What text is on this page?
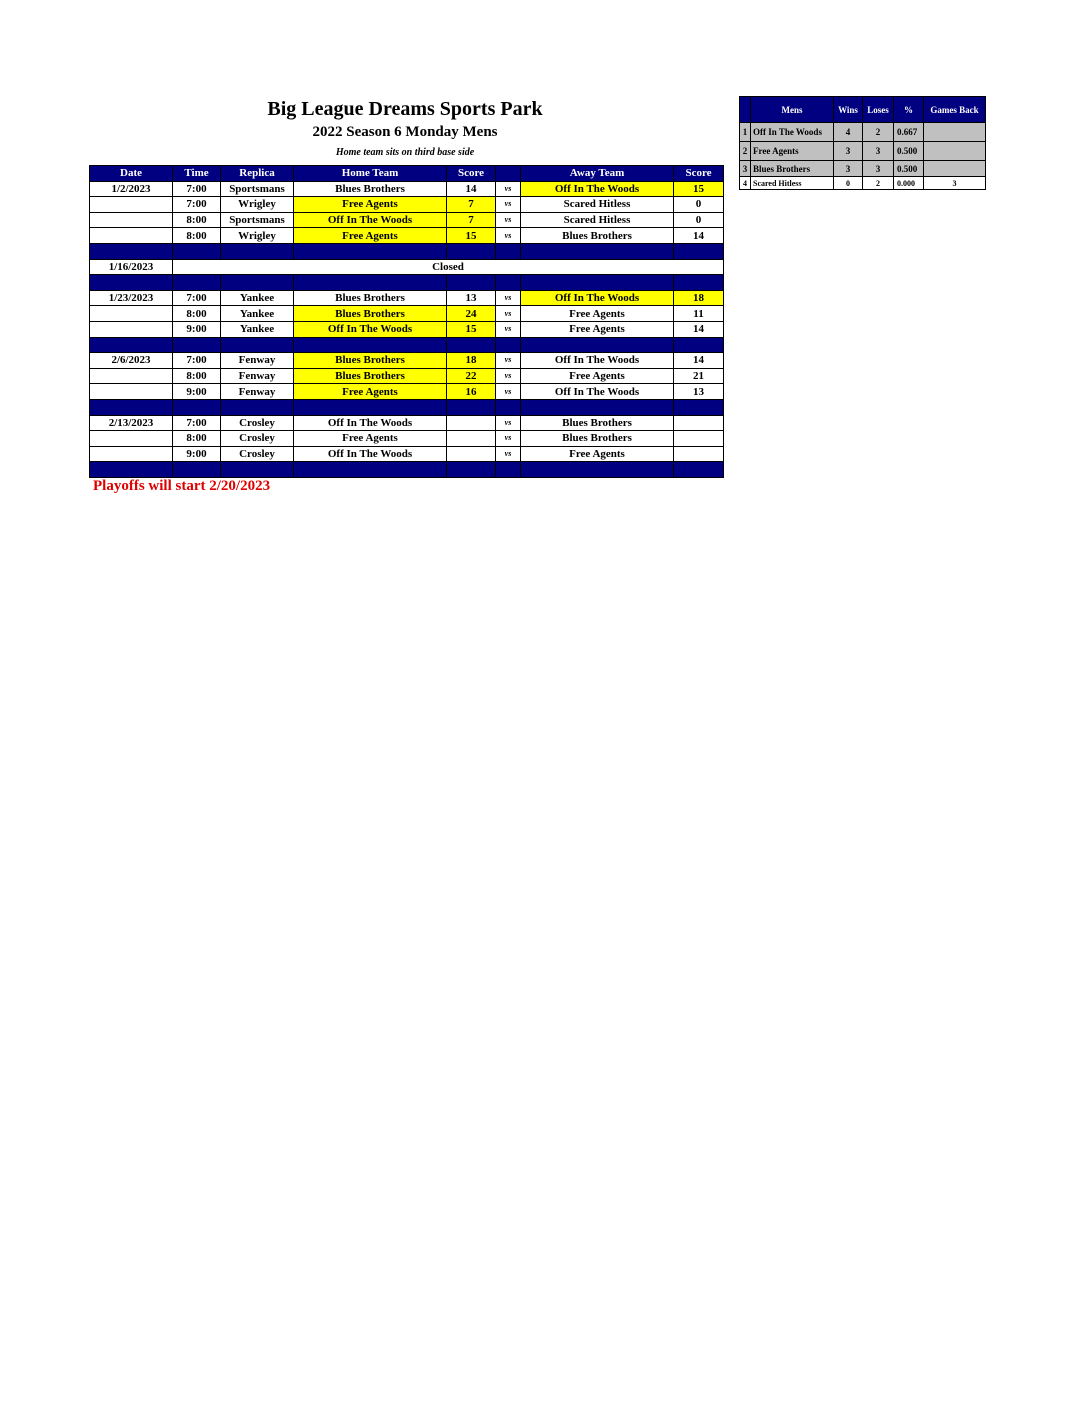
Big League Dreams Sports Park
2022 Season 6 Monday Mens
Home team sits on third base side
Date	Time	Replica	Home Team	Score		Away Team	Score
1/2/2023	7:00	Sportsmans	Blues Brothers	14	vs	Off In The Woods	15
	7:00	Wrigley	Free Agents	7	vs	Scared Hitless	0
	8:00	Sportsmans	Off In The Woods	7	vs	Scared Hitless	0
	8:00	Wrigley	Free Agents	15	vs	Blues Brothers	14

1/16/2023	Closed						

1/23/2023	7:00	Yankee	Blues Brothers	13	vs	Off In The Woods	18
	8:00	Yankee	Blues Brothers	24	vs	Free Agents	11
	9:00	Yankee	Off In The Woods	15	vs	Free Agents	14

2/6/2023	7:00	Fenway	Blues Brothers	18	vs	Off In The Woods	14
	8:00	Fenway	Blues Brothers	22	vs	Free Agents	21
	9:00	Fenway	Free Agents	16	vs	Off In The Woods	13

2/13/2023	7:00	Crosley	Off In The Woods		vs	Blues Brothers	
	8:00	Crosley	Free Agents		vs	Blues Brothers	
	9:00	Crosley	Off In The Woods		vs	Free Agents	

Playoffs will start 2/20/2023
	Mens	Wins	Loses	%	Games Back
1	Off In The Woods	4	2	0.667	
2	Free Agents	3	3	0.500	
3	Blues Brothers	3	3	0.500	
4	Scared Hitless	0	2	0.000	3
